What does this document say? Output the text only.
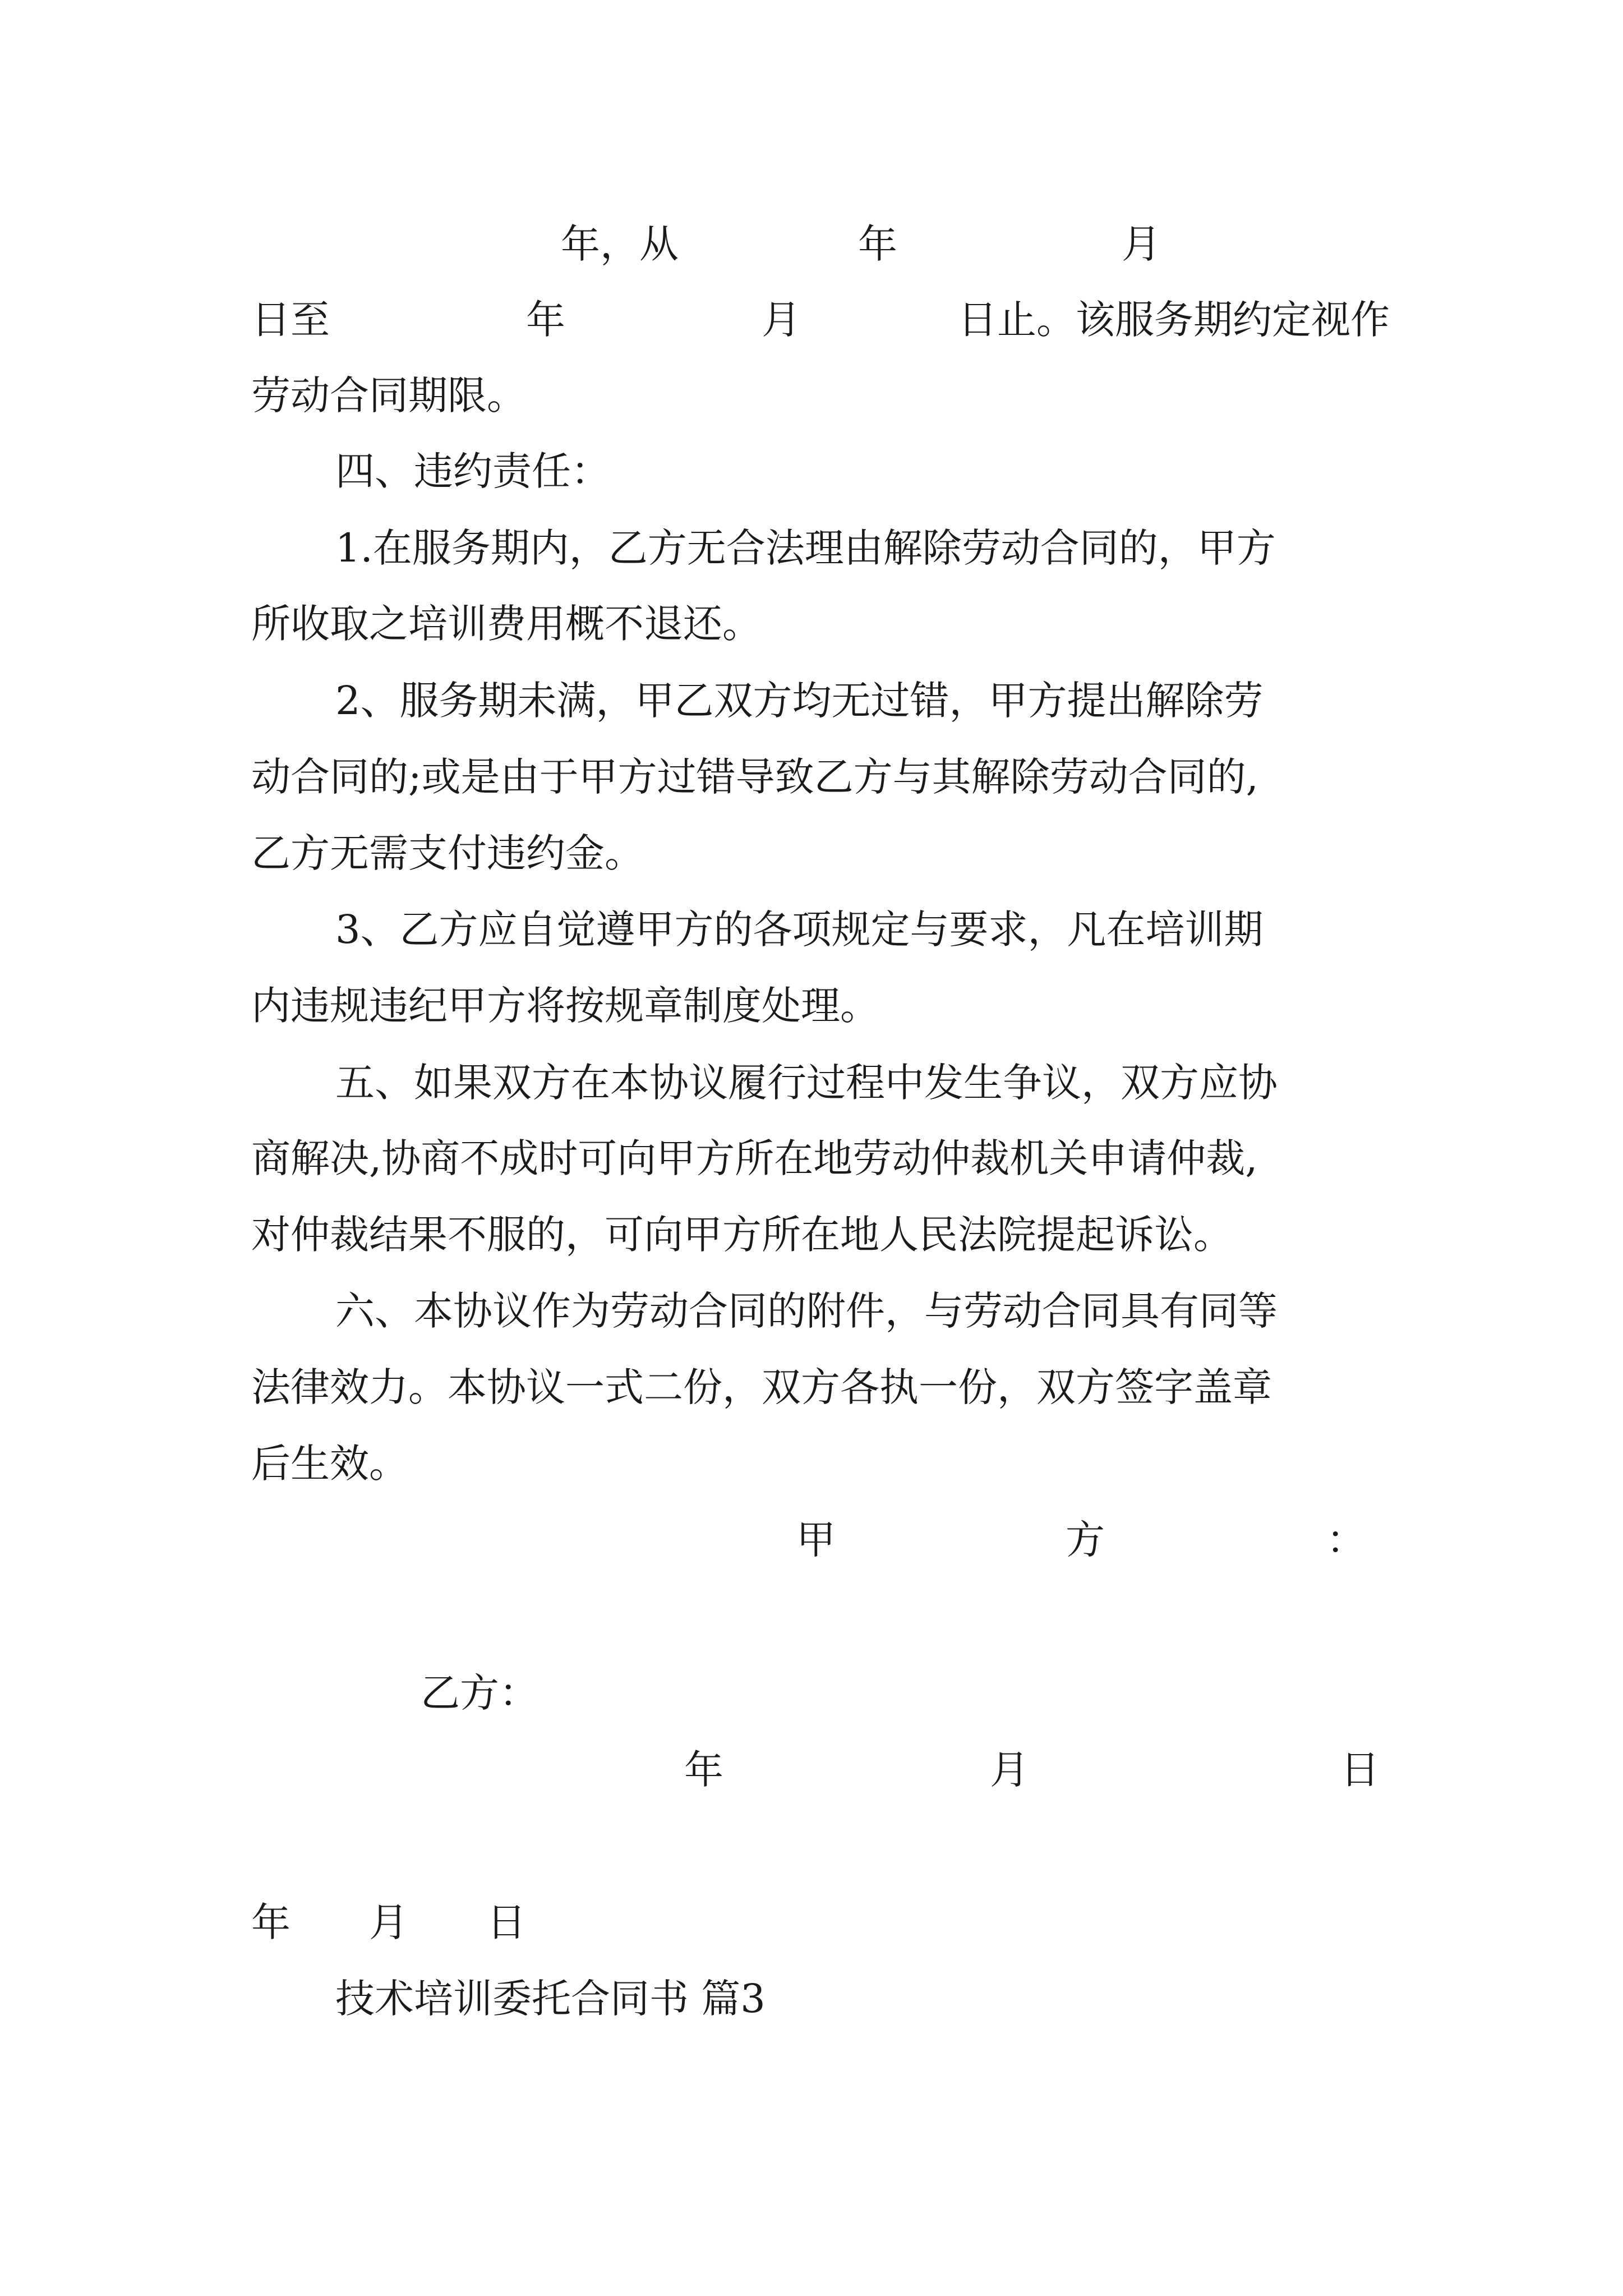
年，从	年	月
日至　　　　　年　　　　　月　　　　日止。该服务期约定视作
劳动合同期限。
四、违约责任：
1.在服务期内，乙方无合法理由解除劳动合同的，甲方
所收取之培训费用概不退还。
2、服务期未满，甲乙双方均无过错，甲方提出解除劳
动合同的;或是由于甲方过错导致乙方与其解除劳动合同的,
乙方无需支付违约金。
3、乙方应自觉遵甲方的各项规定与要求，凡在培训期
内违规违纪甲方将按规章制度处理。
五、如果双方在本协议履行过程中发生争议，双方应协
商解决,协商不成时可向甲方所在地劳动仲裁机关申请仲裁,
对仲裁结果不服的，可向甲方所在地人民法院提起诉讼。
六、本协议作为劳动合同的附件，与劳动合同具有同等
法律效力。本协议一式二份，双方各执一份，双方签字盖章
后生效。
甲	方	：
乙方：
年	月	日
年　　月　　日
技术培训委托合同书 篇3
